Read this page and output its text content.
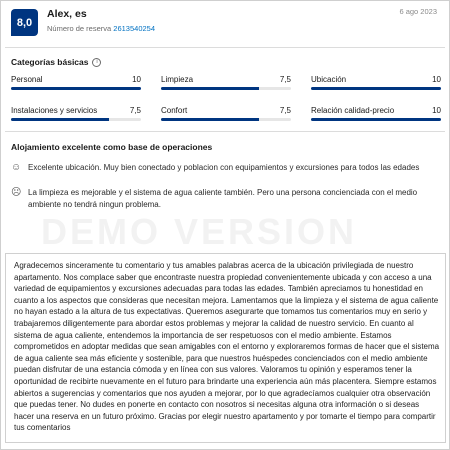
8,0
Alex, es
Número de reserva 2613540254
6 ago 2023
Categorías básicas	i
Personal	10	Limpieza	7,5	Ubicación	10
Instalaciones y servicios	7,5	Confort	7,5	Relación calidad-precio	10
Alojamiento excelente como base de operaciones
☺ Excelente ubicación. Muy bien conectado y poblacion con equipamientos y excursiones para todos las edades
☹ La limpieza es mejorable y el sistema de agua caliente también. Pero una persona concienciada con el medio ambiente no tendrá ningun problema.
DEMO VERSION
Agradecemos sinceramente tu comentario y tus amables palabras acerca de la ubicación privilegiada de nuestro apartamento. Nos complace saber que encontraste nuestra propiedad convenientemente ubicada y con acceso a una variedad de equipamientos y excursiones adecuadas para todas las edades. También apreciamos tu honestidad en cuanto a los aspectos que consideras que necesitan mejora. Lamentamos que la limpieza y el sistema de agua caliente no hayan estado a la altura de tus expectativas. Queremos asegurarte que tomamos tus comentarios muy en serio y trabajaremos diligentemente para abordar estos problemas y mejorar la calidad de nuestro servicio. En cuanto al sistema de agua caliente, entendemos la importancia de ser respetuosos con el medio ambiente. Estamos comprometidos en adoptar medidas que sean amigables con el entorno y exploraremos formas de hacer que el sistema de agua caliente sea más eficiente y sostenible, para que nuestros huéspedes concienciados con el medio ambiente puedan disfrutar de una estancia cómoda y en línea con sus valores. Valoramos tu opinión y esperamos tener la oportunidad de recibirte nuevamente en el futuro para brindarte una experiencia aún más placentera. Siempre estamos abiertos a sugerencias y comentarios que nos ayuden a mejorar, por lo que agradecíamos cualquier otra observación que puedas tener. No dudes en ponerte en contacto con nosotros si necesitas alguna otra información o si deseas hacer una reserva en un futuro próximo. Gracias por elegir nuestro apartamento y por tomarte el tiempo para compartir tus comentarios
